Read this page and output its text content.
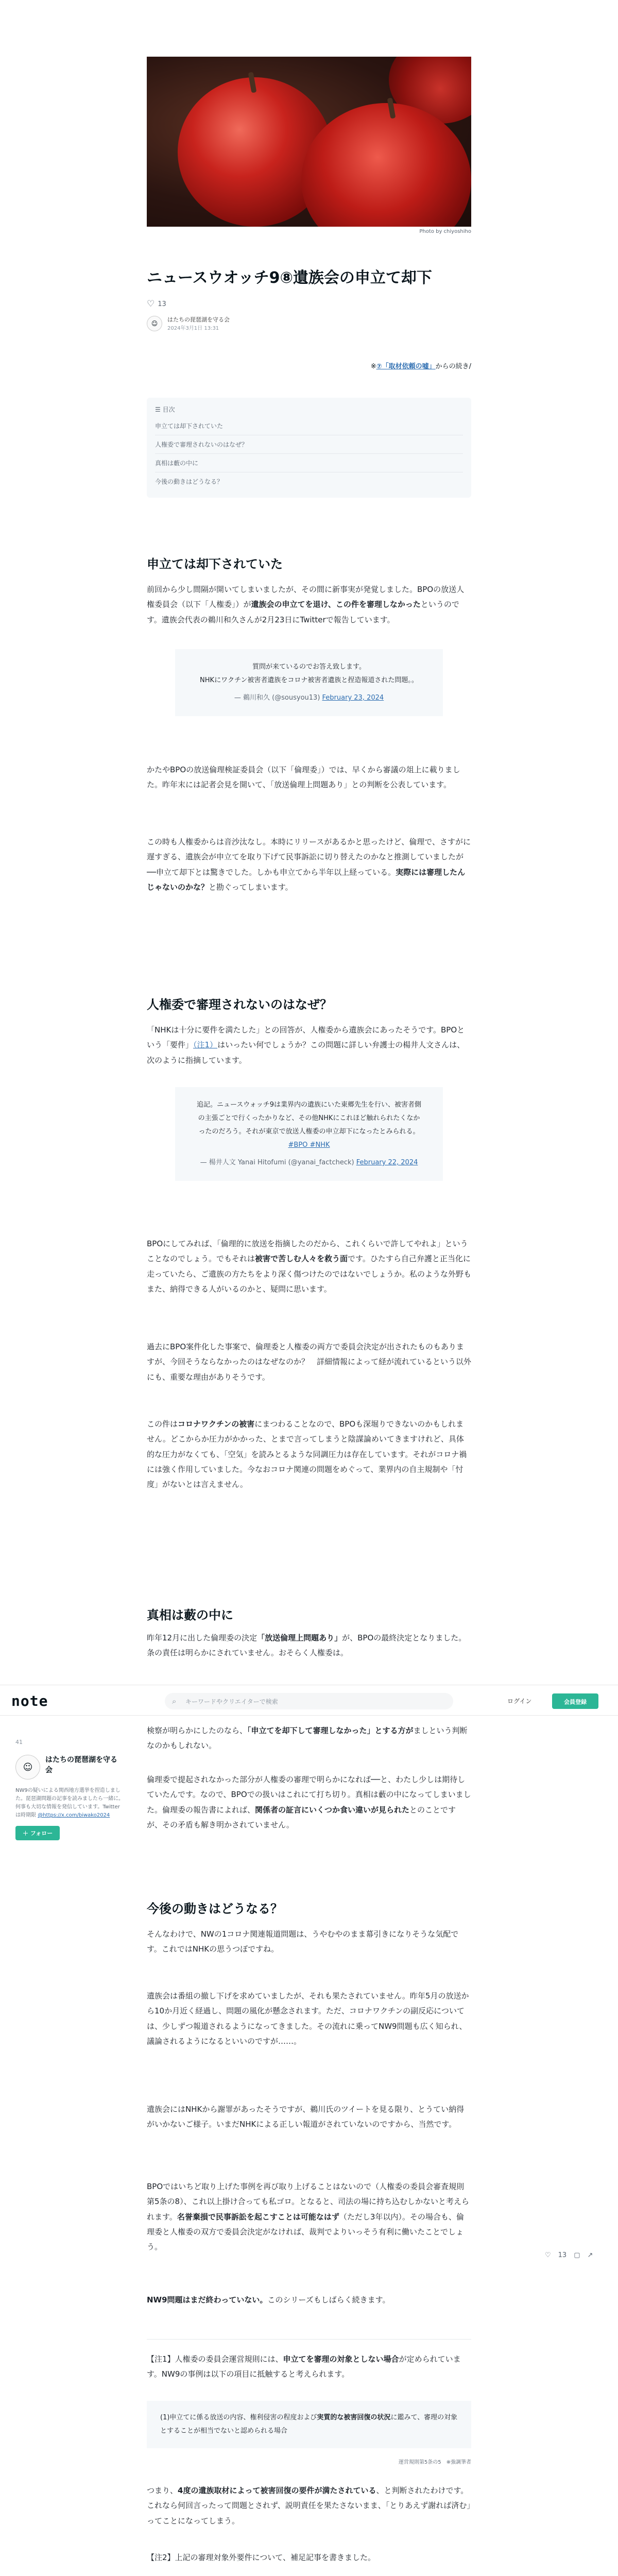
Photo by chiyoshiho
ニュースウオッチ9⑧遺族会の申立て却下
♡ 13
☺	はたちの琵琶湖を守る会
2024年3月1日 13:31
※⑦「取材依頼の嘘」からの続き/
☰ 目次
申立ては却下されていた
人権委で審理されないのはなぜ？
真相は藪の中に
今後の動きはどうなる？
申立ては却下されていた

前回から少し間隔が開いてしまいましたが、その間に新事実が発覚しました。BPOの放送人権委員会（以下「人権委」）が遺族会の申立てを退け、この件を審理しなかったというのです。遺族会代表の鵜川和久さんが2月23日にTwitterで報告しています。

質問が来ているのでお答え致します。
NHKにワクチン被害者遺族をコロナ被害者遺族と捏造報道された問題。。
— 鵜川和久 (@sousyou13) February 23, 2024

かたやBPOの放送倫理検証委員会（以下「倫理委」）では、早くから審議の俎上に載りました。昨年末には記者会見を開いて、「放送倫理上問題あり」との判断を公表しています。

この時も人権委からは音沙汰なし。本時にリリースがあるかと思ったけど、倫理で、さすがに遅すぎる、遺族会が申立てを取り下げて民事訴訟に切り替えたのかなと推測していましたが──申立て却下とは驚きでした。しかも申立てから半年以上経っている。実際には審理したんじゃないのかな？と勘ぐってしまいます。

人権委で審理されないのはなぜ？

「NHKは十分に要件を満たした」との回答が、人権委から遺族会にあったそうです。BPOという「要件」（注1）はいったい何でしょうか？この問題に詳しい弁護士の楊井人文さんは、次のように指摘しています。

追記。ニュースウォッチ9は業界内の遺族にいた東郷先生を行い、被害者側の主張ごとで行くったかりなど、その他NHKにこれほど触れられたくなかったのだろう。それが東京で放送人権委の申立却下になったとみられる。 #BPO #NHK
— 楊井人文 Yanai Hitofumi (@yanai_factcheck) February 22, 2024

BPOにしてみれば、「倫理的に放送を指摘したのだから、これくらいで許してやれよ」ということなのでしょう。でもそれは被害で苦しむ人々を救う面です。ひたすら自己弁護と正当化に走っていたら、ご遺族の方たちをより深く傷つけたのではないでしょうか。私のような外野もまた、納得できる人がいるのかと、疑問に思います。

過去にBPO案件化した事案で、倫理委と人権委の両方で委員会決定が出されたものもありますが、今回そうならなかったのはなぜなのか？　詳細情報によって経が流れているという以外にも、重要な理由がありそうです。

この件はコロナワクチンの被害にまつわることなので、BPOも深堀りできないのかもしれません。どこからか圧力がかかった、とまで言ってしまうと陰謀論めいてきますけれど、具体的な圧力がなくても、「空気」を読みとるような同調圧力は存在しています。それがコロナ禍には強く作用していました。今なおコロナ関連の問題をめぐって、業界内の自主規制や「忖度」がないとは言えません。

真相は藪の中に

昨年12月に出した倫理委の決定「放送倫理上問題あり」が、BPOの最終決定となりました。条の責任は明らかにされていません。おそらく人権委は。

note	⌕ キーワードやクリエイターで検索	ログイン	会員登録

検察が明らかにしたのなら、「申立てを却下して審理しなかった」とする方がましという判断なのかもしれない。

倫理委で提起されなかった部分が人権委の審理で明らかになれば──と、わたし少しは期待していたんです。なので、BPOでの扱いはこれにて打ち切り。真相は藪の中になってしまいました。倫理委の報告書によれば、関係者の証言にいくつか食い違いが見られたとのことですが、その矛盾も解き明かされていません。

41
☺
はたちの琵琶湖を守る会
NW9の疑いによる関西地方選挙を捏造しました。琵琶湖問題の記事を読みましたら一緒に。何事も大切な情報を発信しています。Twitterは時期限 @https://x.com/biwako2024
＋ フォロー
今後の動きはどうなる？

そんなわけで、NWの1コロナ関連報道問題は、うやむやのまま幕引きになりそうな気配です。これではNHKの思うつぼですね。

遺族会は番組の撤し下げを求めていましたが、それも果たされていません。昨年5月の放送から10か月近く経過し、問題の風化が懸念されます。ただ、コロナワクチンの副反応については、少しずつ報道されるようになってきました。その流れに乗ってNW9問題も広く知られ、議論されるようになるといいのですが……。

遺族会にはNHKから謝罪があったそうですが、鵜川氏のツイートを見る限り、とうてい納得がいかないご様子。いまだNHKによる正しい報道がされていないのですから、当然です。

BPOではいちど取り上げた事例を再び取り上げることはないので（人権委の委員会審査規則第5条の8）、これ以上掛け合っても私ゴロ。となると、司法の場に持ち込むしかないと考えられます。名誉棄損で民事訴訟を起こすことは可能なはず（ただし3年以内）。その場合も、倫理委と人権委の双方で委員会決定がなければ、裁判でよりいっそう有利に働いたことでしょう。

NW9問題はまだ終わっていない。このシリーズもしばらく続きます。

♡ 13 ▢ ↗

【注1】人権委の委員会運営規則には、申立てを審理の対象としない場合が定められています。NW9の事例は以下の項目に抵触すると考えられます。

(1)申立てに係る放送の内容、権利侵害の程度および実質的な被害回復の状況に鑑みて、審理の対象とすることが相当でないと認められる場合
運営規則第5条の5　※強調筆者

つまり、4度の遺族取材によって被害回復の要件が満たされている、と判断されたわけです。これなら何回言ったって問題とされず、説明責任を果たさないまま、「とりあえず謝れば済む」ってことになってしまう。

【注2】上記の審理対象外要件について、補足記事を書きました。
